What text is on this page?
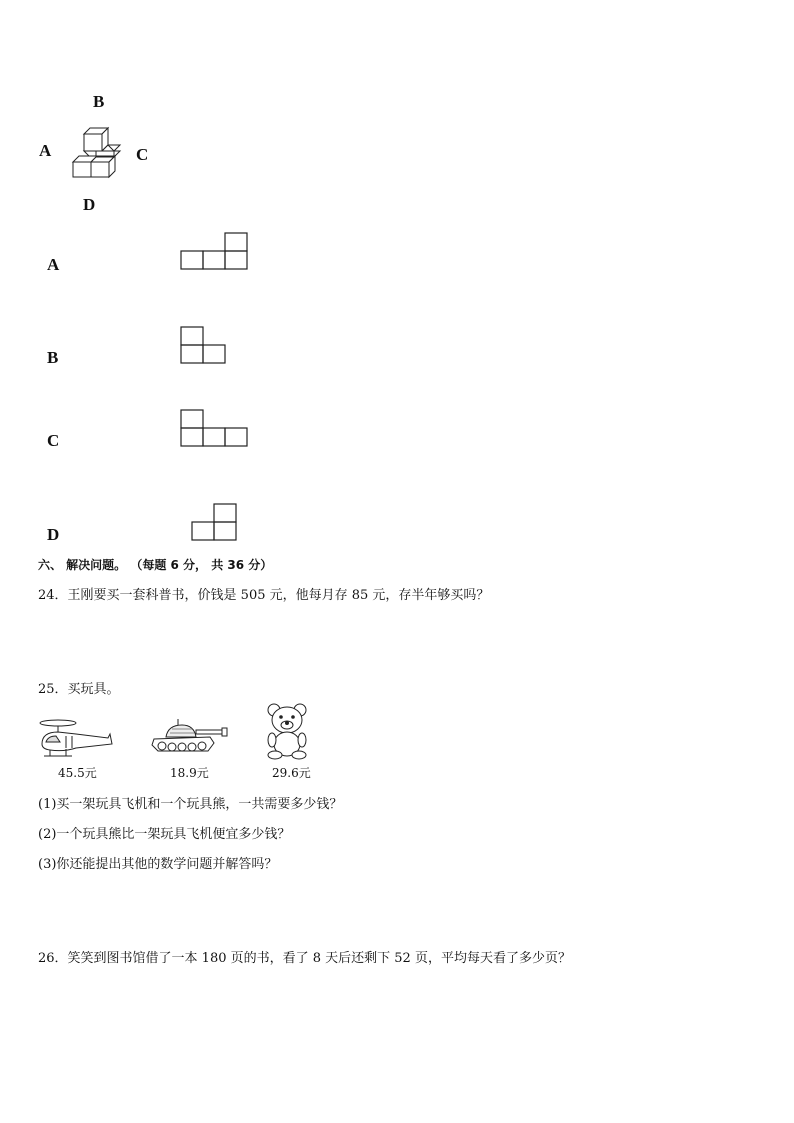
B
A	C
D
A
B
C
D
六、 解决问题。 （每题 6 分， 共 36 分）
24．王刚要买一套科普书，价钱是 505 元，他每月存 85 元，存半年够买吗？
25．买玩具。
45.5元	18.9元	29.6元
(1)买一架玩具飞机和一个玩具熊，一共需要多少钱？
(2)一个玩具熊比一架玩具飞机便宜多少钱？
(3)你还能提出其他的数学问题并解答吗？
26．笑笑到图书馆借了一本 180 页的书，看了 8 天后还剩下 52 页，平均每天看了多少页？
